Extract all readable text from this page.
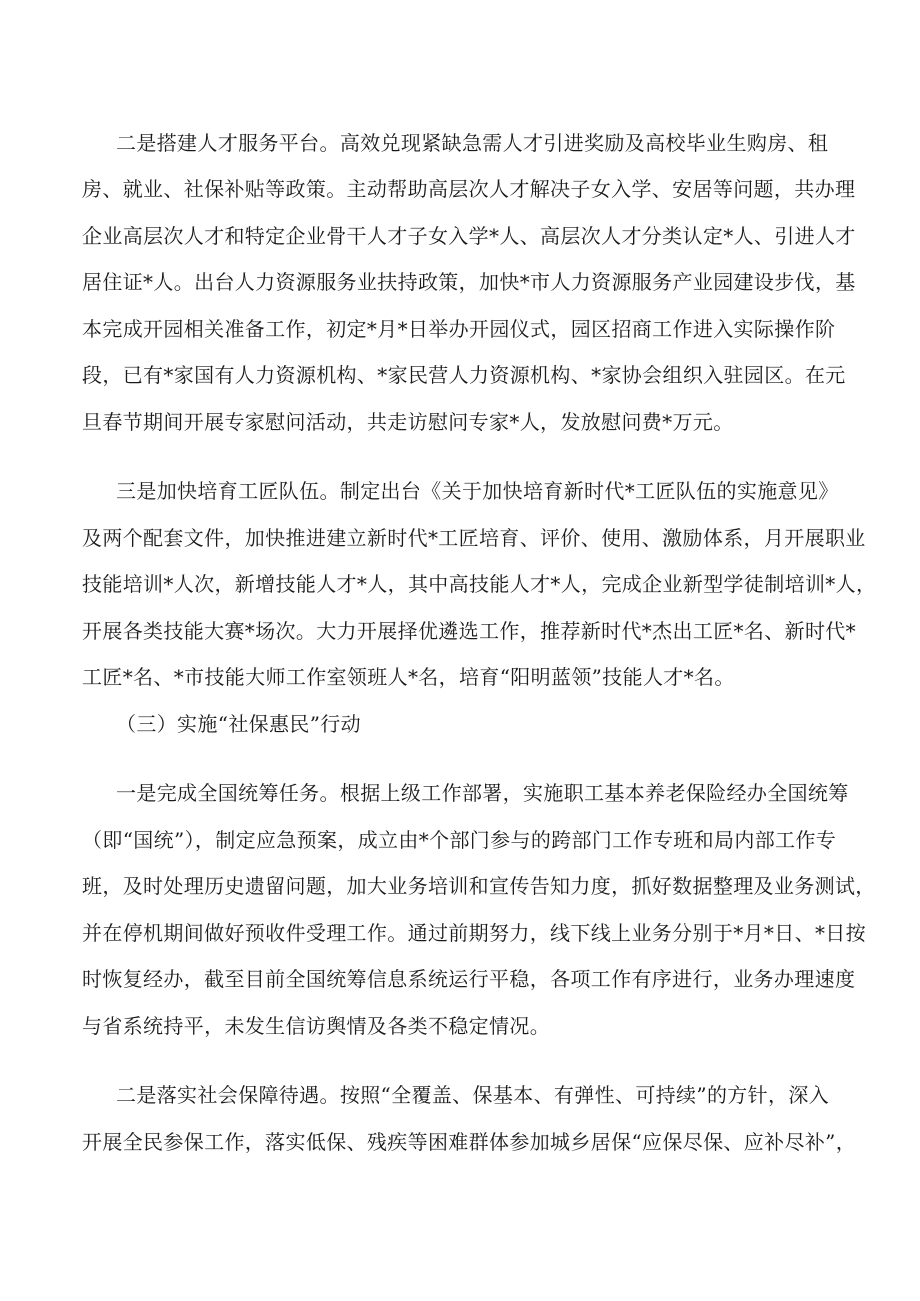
二是搭建人才服务平台。高效兑现紧缺急需人才引进奖励及高校毕业生购房、租

房、就业、社保补贴等政策。主动帮助高层次人才解决子女入学、安居等问题，共办理

企业高层次人才和特定企业骨干人才子女入学*人、高层次人才分类认定*人、引进人才

居住证*人。出台人力资源服务业扶持政策，加快*市人力资源服务产业园建设步伐，基

本完成开园相关准备工作，初定*月*日举办开园仪式，园区招商工作进入实际操作阶

段，已有*家国有人力资源机构、*家民营人力资源机构、*家协会组织入驻园区。在元

旦春节期间开展专家慰问活动，共走访慰问专家*人，发放慰问费*万元。

三是加快培育工匠队伍。制定出台《关于加快培育新时代*工匠队伍的实施意见》

及两个配套文件，加快推进建立新时代*工匠培育、评价、使用、激励体系，月开展职业

技能培训*人次，新增技能人才*人，其中高技能人才*人，完成企业新型学徒制培训*人，

开展各类技能大赛*场次。大力开展择优遴选工作，推荐新时代*杰出工匠*名、新时代*

工匠*名、*市技能大师工作室领班人*名，培育“阳明蓝领”技能人才*名。

（三）实施“社保惠民”行动

一是完成全国统筹任务。根据上级工作部署，实施职工基本养老保险经办全国统筹

（即“国统”），制定应急预案，成立由*个部门参与的跨部门工作专班和局内部工作专

班，及时处理历史遗留问题，加大业务培训和宣传告知力度，抓好数据整理及业务测试，

并在停机期间做好预收件受理工作。通过前期努力，线下线上业务分别于*月*日、*日按

时恢复经办，截至目前全国统筹信息系统运行平稳，各项工作有序进行，业务办理速度

与省系统持平，未发生信访舆情及各类不稳定情况。

二是落实社会保障待遇。按照“全覆盖、保基本、有弹性、可持续”的方针，深入

开展全民参保工作，落实低保、残疾等困难群体参加城乡居保“应保尽保、应补尽补”，
